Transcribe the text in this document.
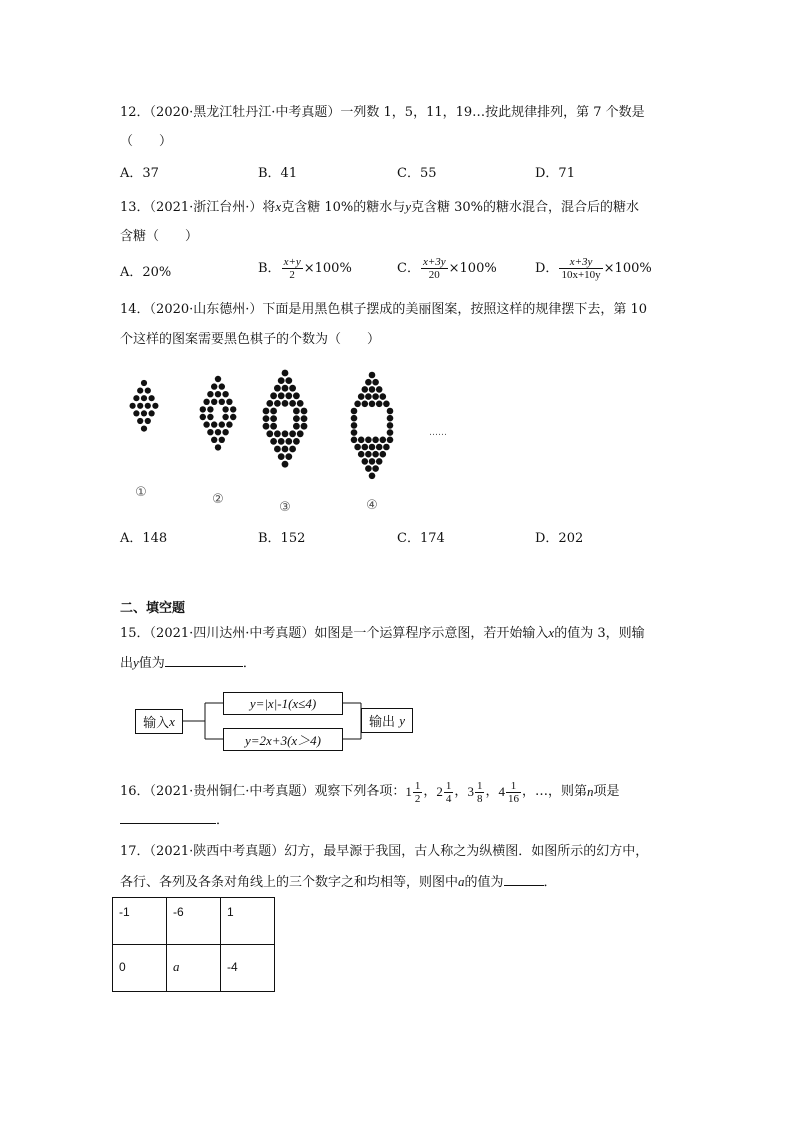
12．（2020·黑龙江牡丹江·中考真题）一列数 1，5，11，19…按此规律排列，第 7 个数是
（　　）
A．37	B．41	C．55	D．71
13．（2021·浙江台州·）将x克含糖 10%的糖水与y克含糖 30%的糖水混合，混合后的糖水
含糖（　　）
A．20%	B． $\frac{x+y}{2} \times 100\%$	C． $\frac{x+3y}{20} \times 100\%$	D． $\frac{x+3y}{10x+10y} \times 100\%$
14．（2020·山东德州·）下面是用黑色棋子摆成的美丽图案，按照这样的规律摆下去，第 10
个这样的图案需要黑色棋子的个数为（　　）
①	②
③	④
……
A．148	B．152	C．174	D．202
二、填空题
15．（2021·四川达州·中考真题）如图是一个运算程序示意图，若开始输入x的值为 3，则输
出y值为	．
输入 x
y=|x|-1(x≤4)
y=2x+3(x＞4)
输出
y
16．（2021·贵州铜仁·中考真题）观察下列各项： $1 \frac{1}{2}$ ， $2 \frac{1}{4}$ ， $3 \frac{1}{8}$ ， $4 \frac{1}{16}$ ，…，则第 n 项是
．
17．（2021·陕西中考真题）幻方，最早源于我国，古人称之为纵横图．如图所示的幻方中，
各行、各列及各条对角线上的三个数字之和均相等，则图中a的值为	．
-1	-6	1
0	a	-4
